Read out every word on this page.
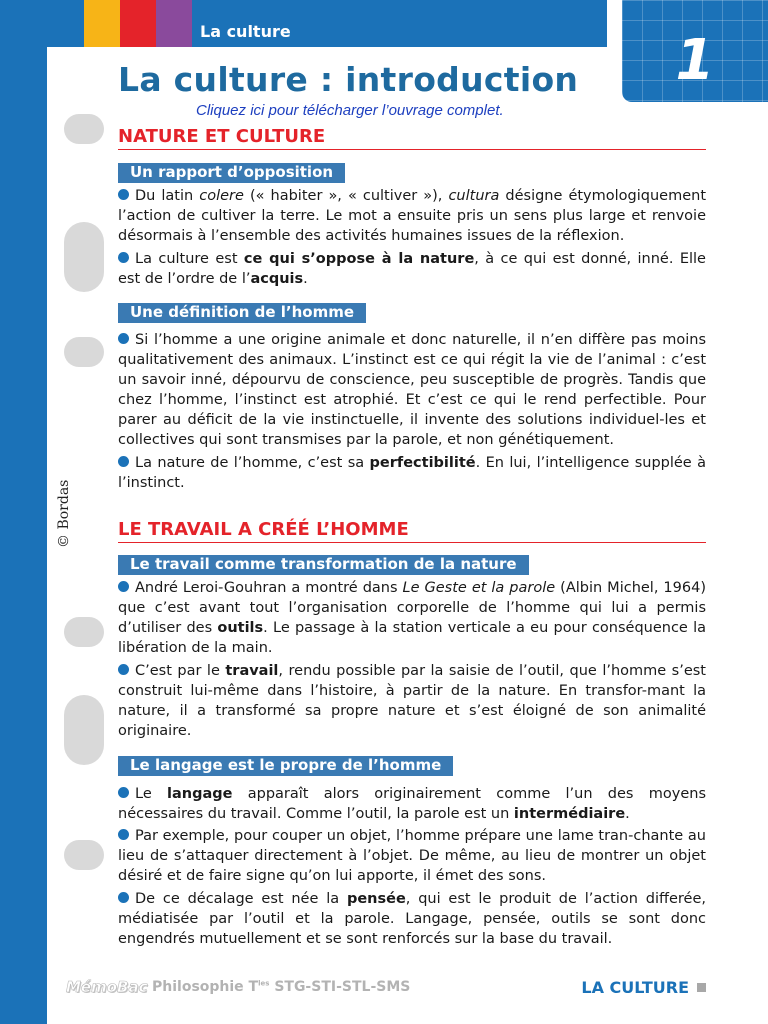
La culture	1
© Bordas
La culture : introduction
Cliquez ici pour télécharger l’ouvrage complet.
NATURE ET CULTURE
Un rapport d’opposition

Du latin colere (« habiter », « cultiver »), cultura désigne étymologiquement l’action de cultiver la terre. Le mot a ensuite pris un sens plus large et renvoie désormais à l’ensemble des activités humaines issues de la réflexion.

La culture est ce qui s’oppose à la nature, à ce qui est donné, inné. Elle est de l’ordre de l’acquis.

Une définition de l’homme

Si l’homme a une origine animale et donc naturelle, il n’en diffère pas moins qualitativement des animaux. L’instinct est ce qui régit la vie de l’animal : c’est un savoir inné, dépourvu de conscience, peu susceptible de progrès. Tandis que chez l’homme, l’instinct est atrophié. Et c’est ce qui le rend perfectible. Pour parer au déficit de la vie instinctuelle, il invente des solutions individuel-les et collectives qui sont transmises par la parole, et non génétiquement.

La nature de l’homme, c’est sa perfectibilité. En lui, l’intelligence supplée à l’instinct.

LE TRAVAIL A CRÉÉ L’HOMME
Le travail comme transformation de la nature

André Leroi-Gouhran a montré dans Le Geste et la parole (Albin Michel, 1964) que c’est avant tout l’organisation corporelle de l’homme qui lui a permis d’utiliser des outils. Le passage à la station verticale a eu pour conséquence la libération de la main.

C’est par le travail, rendu possible par la saisie de l’outil, que l’homme s’est construit lui-même dans l’histoire, à partir de la nature. En transfor-mant la nature, il a transformé sa propre nature et s’est éloigné de son animalité originaire.

Le langage est le propre de l’homme

Le langage apparaît alors originairement comme l’un des moyens nécessaires du travail. Comme l’outil, la parole est un intermédiaire.

Par exemple, pour couper un objet, l’homme prépare une lame tran-chante au lieu de s’attaquer directement à l’objet. De même, au lieu de montrer un objet désiré et de faire signe qu’on lui apporte, il émet des sons.

De ce décalage est née la pensée, qui est le produit de l’action differée, médiatisée par l’outil et la parole. Langage, pensée, outils se sont donc engendrés mutuellement et se sont renforcés sur la base du travail.

MémoBac Philosophie $T^{les}$ STG-STI-STL-SMS	LA CULTURE
